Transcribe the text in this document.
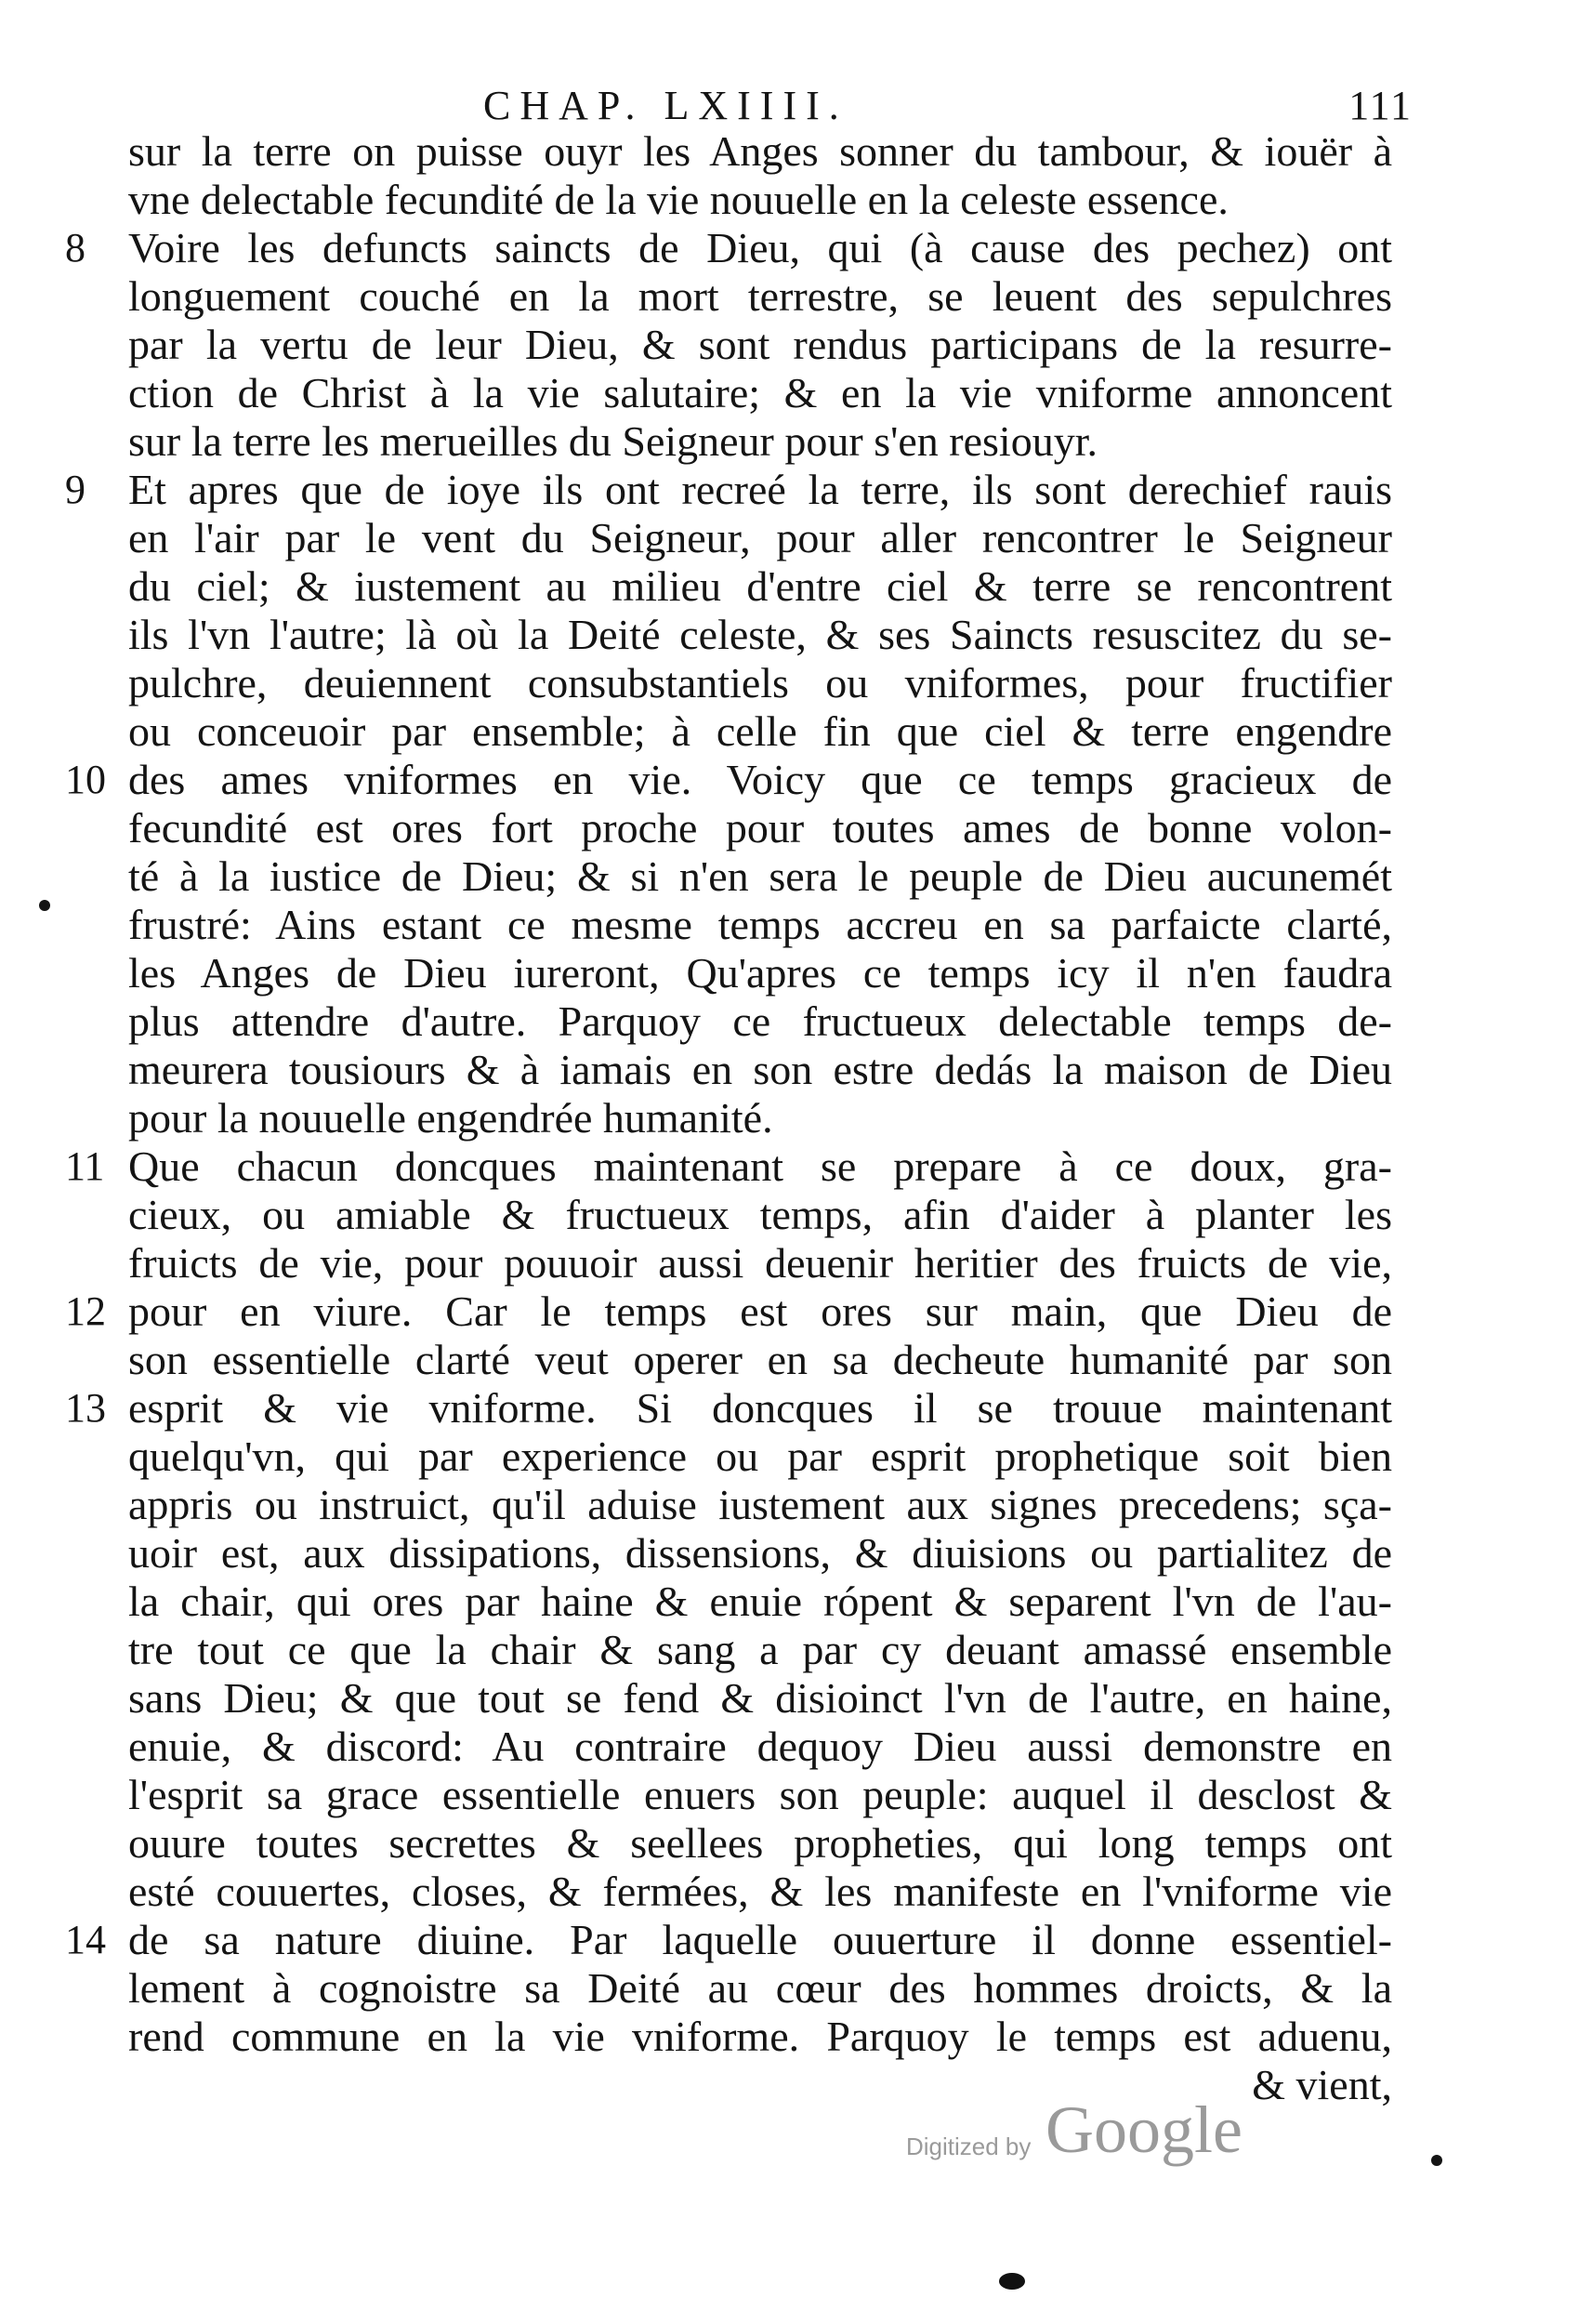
CHAP. LXIIII.	111
sur la terre on puisse ouyr les Anges sonner du tambour, & iouër à
vne delectable fecundité de la vie nouuelle en la celeste essence.
8	Voire les defuncts saincts de Dieu, qui (à cause des pechez) ont
longuement couché en la mort terrestre, se leuent des sepulchres
par la vertu de leur Dieu, & sont rendus participans de la resurre-
ction de Christ à la vie salutaire; & en la vie vniforme annoncent
sur la terre les merueilles du Seigneur pour s'en resiouyr.
9	Et apres que de ioye ils ont recreé la terre, ils sont derechief rauis
en l'air par le vent du Seigneur, pour aller rencontrer le Seigneur
du ciel; & iustement au milieu d'entre ciel & terre se rencontrent
ils l'vn l'autre; là où la Deité celeste, & ses Saincts resuscitez du se-
pulchre, deuiennent consubstantiels ou vniformes, pour fructifier
ou conceuoir par ensemble; à celle fin que ciel & terre engendre
10 des ames vniformes en vie. Voicy que ce temps gracieux de
fecundité est ores fort proche pour toutes ames de bonne volon-
té à la iustice de Dieu; & si n'en sera le peuple de Dieu aucunemét
frustré: Ains estant ce mesme temps accreu en sa parfaicte clarté,
les Anges de Dieu iureront, Qu'apres ce temps icy il n'en faudra
plus attendre d'autre. Parquoy ce fructueux delectable temps de-
meurera tousiours & à iamais en son estre dedás la maison de Dieu
pour la nouuelle engendrée humanité.
11 Que chacun doncques maintenant se prepare à ce doux, gra-
cieux, ou amiable & fructueux temps, afin d'aider à planter les
fruicts de vie, pour pouuoir aussi deuenir heritier des fruicts de vie,
12 pour en viure. Car le temps est ores sur main, que Dieu de
son essentielle clarté veut operer en sa decheute humanité par son
13 esprit & vie vniforme. Si doncques il se trouue maintenant
quelqu'vn, qui par experience ou par esprit prophetique soit bien
appris ou instruict, qu'il aduise iustement aux signes precedens; sça-
uoir est, aux dissipations, dissensions, & diuisions ou partialitez de
la chair, qui ores par haine & enuie rópent & separent l'vn de l'au-
tre tout ce que la chair & sang a par cy deuant amassé ensemble
sans Dieu; & que tout se fend & disioinct l'vn de l'autre, en haine,
enuie, & discord: Au contraire dequoy Dieu aussi demonstre en
l'esprit sa grace essentielle enuers son peuple: auquel il desclost &
ouure toutes secrettes & seellees propheties, qui long temps ont
esté couuertes, closes, & fermées, & les manifeste en l'vniforme vie
14 de sa nature diuine. Par laquelle ouuerture il donne essentiel-
lement à cognoistre sa Deité au cœur des hommes droicts, & la
rend commune en la vie vniforme. Parquoy le temps est aduenu,
& vient,
Digitized by Google
